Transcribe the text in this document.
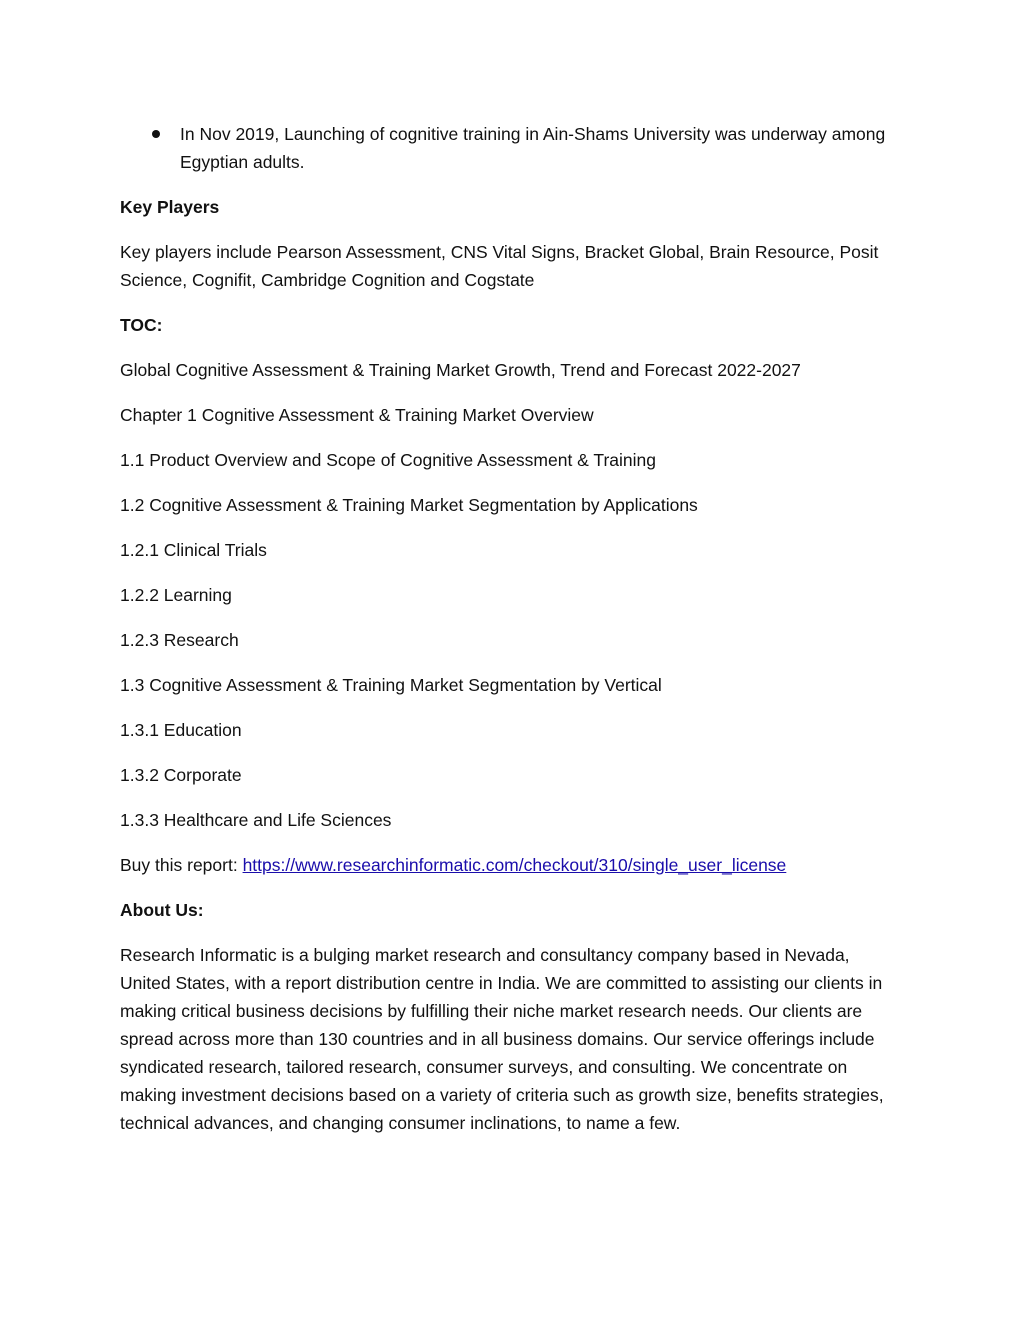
In Nov 2019, Launching of cognitive training in Ain-Shams University was underway among Egyptian adults.

Key Players

Key players include Pearson Assessment, CNS Vital Signs, Bracket Global, Brain Resource, Posit Science, Cognifit, Cambridge Cognition and Cogstate

TOC:

Global Cognitive Assessment & Training Market Growth, Trend and Forecast 2022-2027

Chapter 1 Cognitive Assessment & Training Market Overview

1.1 Product Overview and Scope of Cognitive Assessment & Training

1.2 Cognitive Assessment & Training Market Segmentation by Applications

1.2.1 Clinical Trials

1.2.2 Learning

1.2.3 Research

1.3 Cognitive Assessment & Training Market Segmentation by Vertical

1.3.1 Education

1.3.2 Corporate

1.3.3 Healthcare and Life Sciences

Buy this report: https://www.researchinformatic.com/checkout/310/single_user_license

About Us:

Research Informatic is a bulging market research and consultancy company based in Nevada, United States, with a report distribution centre in India. We are committed to assisting our clients in making critical business decisions by fulfilling their niche market research needs. Our clients are spread across more than 130 countries and in all business domains. Our service offerings include syndicated research, tailored research, consumer surveys, and consulting. We concentrate on making investment decisions based on a variety of criteria such as growth size, benefits strategies, technical advances, and changing consumer inclinations, to name a few.
